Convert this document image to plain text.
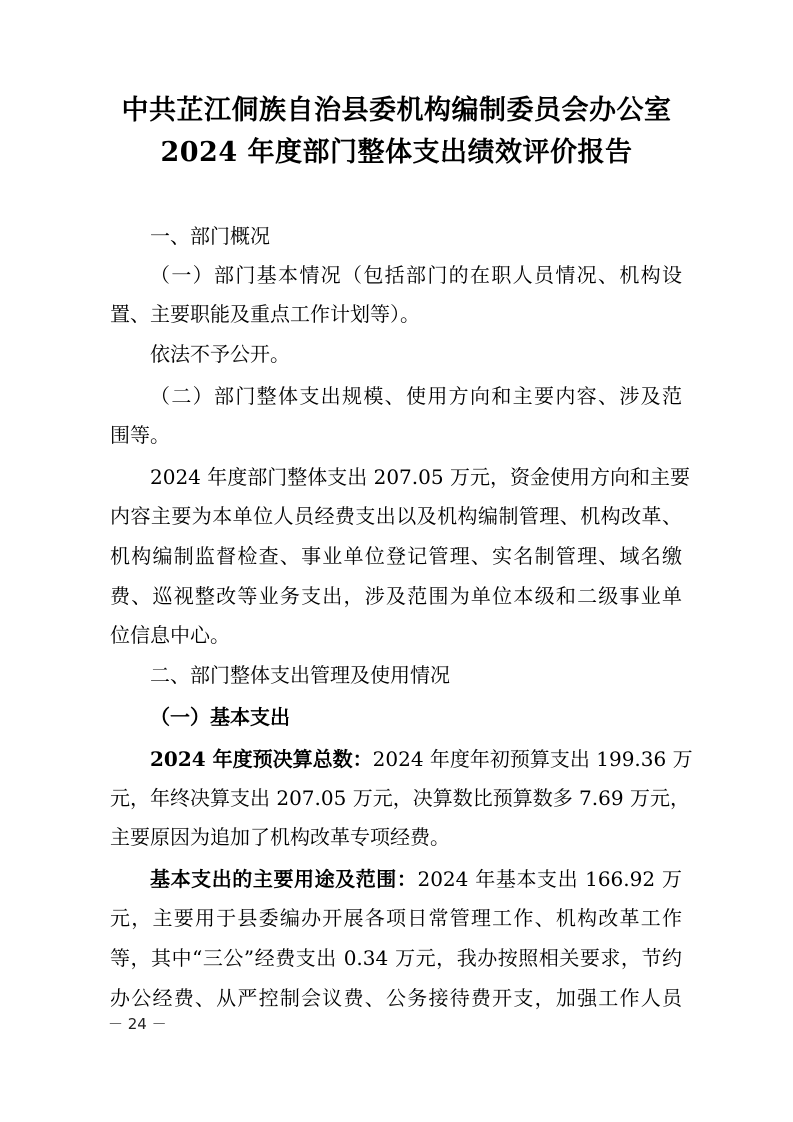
中共芷江侗族自治县委机构编制委员会办公室
2024 年度部门整体支出绩效评价报告
一、部门概况
（一）部门基本情况（包括部门的在职人员情况、机构设
置、主要职能及重点工作计划等）。
依法不予公开。
（二）部门整体支出规模、使用方向和主要内容、涉及范
围等。
2024 年度部门整体支出 207.05 万元，资金使用方向和主要
内容主要为本单位人员经费支出以及机构编制管理、机构改革、
机构编制监督检查、事业单位登记管理、实名制管理、域名缴
费、巡视整改等业务支出，涉及范围为单位本级和二级事业单
位信息中心。
二、部门整体支出管理及使用情况
（一）基本支出
2024 年度预决算总数：2024 年度年初预算支出 199.36 万
元，年终决算支出 207.05 万元，决算数比预算数多 7.69 万元，
主要原因为追加了机构改革专项经费。
基本支出的主要用途及范围：2024 年基本支出 166.92 万
元，主要用于县委编办开展各项日常管理工作、机构改革工作
等，其中“三公”经费支出 0.34 万元，我办按照相关要求，节约
办公经费、从严控制会议费、公务接待费开支，加强工作人员
－ 24 －
